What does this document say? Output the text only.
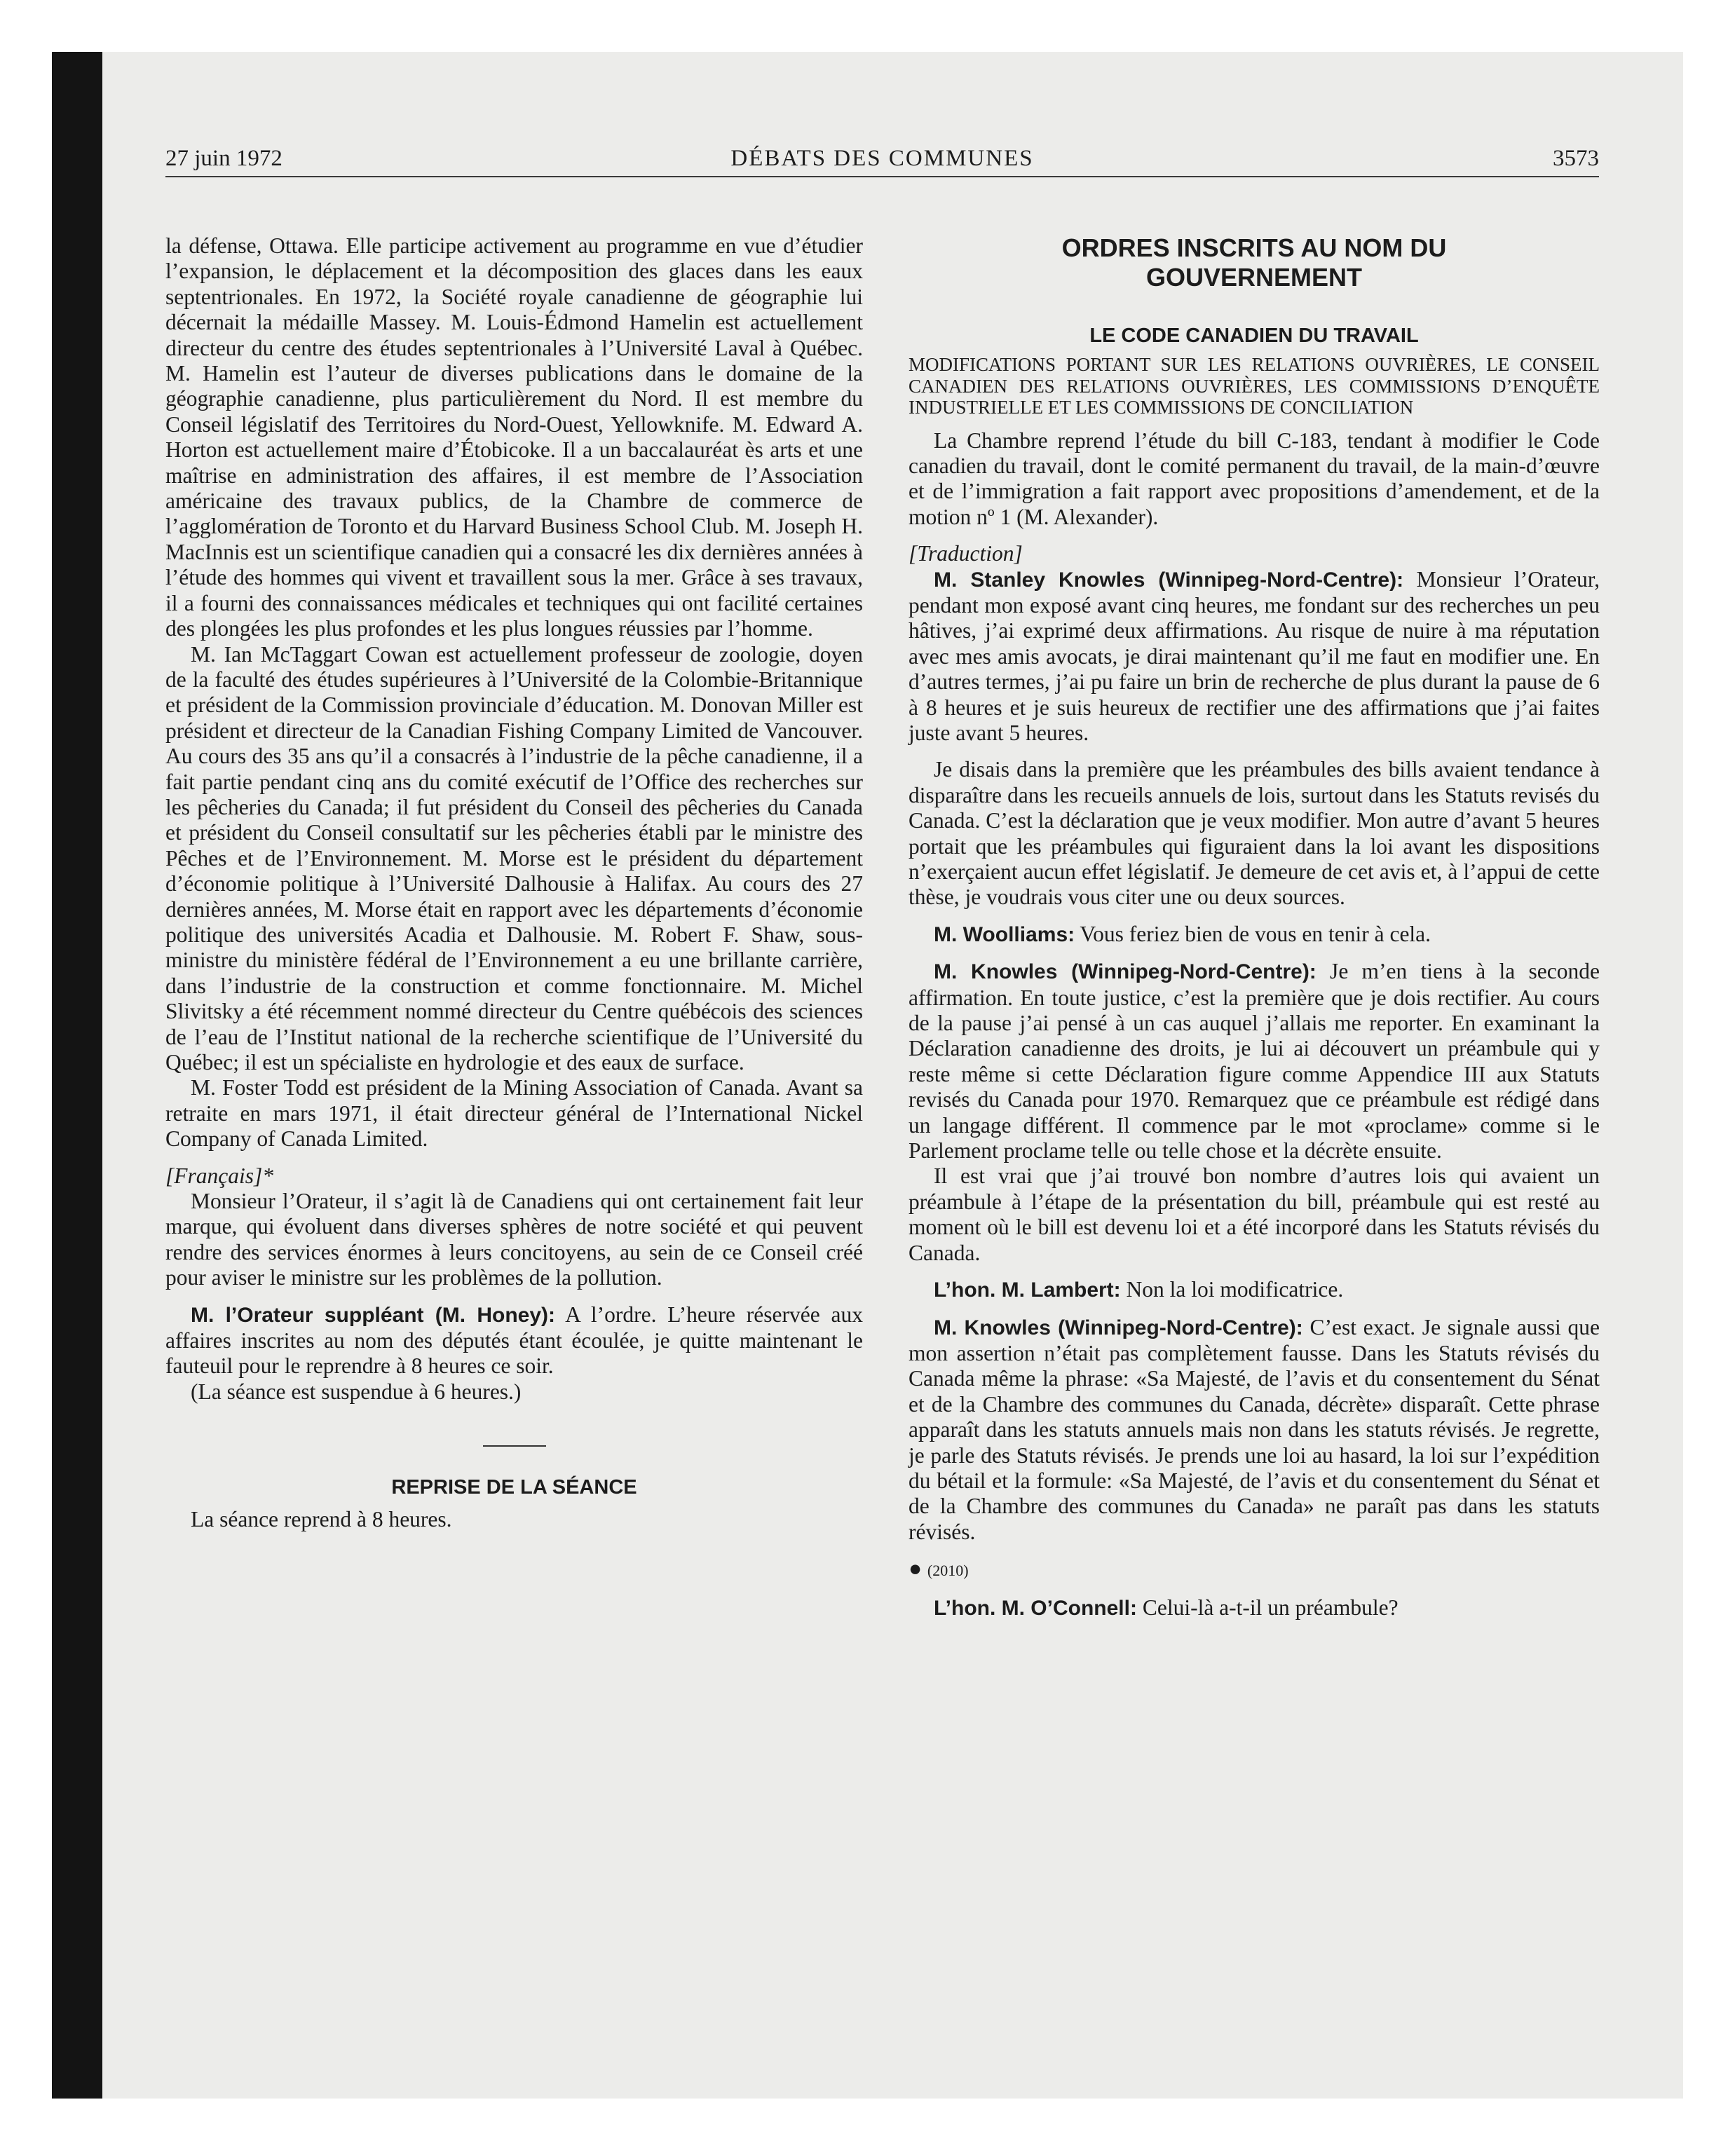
27 juin 1972	DÉBATS DES COMMUNES	3573

la défense, Ottawa. Elle participe activement au programme en vue d’étudier l’expansion, le déplacement et la décomposition des glaces dans les eaux septentrionales. En 1972, la Société royale canadienne de géographie lui décernait la médaille Massey. M. Louis-Édmond Hamelin est actuellement directeur du centre des études septentrionales à l’Université Laval à Québec. M. Hamelin est l’auteur de diverses publications dans le domaine de la géographie canadienne, plus particulièrement du Nord. Il est membre du Conseil législatif des Territoires du Nord-Ouest, Yellowknife. M. Edward A. Horton est actuellement maire d’Étobicoke. Il a un baccalauréat ès arts et une maîtrise en administration des affaires, il est membre de l’Association américaine des travaux publics, de la Chambre de commerce de l’agglomération de Toronto et du Harvard Business School Club. M. Joseph H. MacInnis est un scientifique canadien qui a consacré les dix dernières années à l’étude des hommes qui vivent et travaillent sous la mer. Grâce à ses travaux, il a fourni des connaissances médicales et techniques qui ont facilité certaines des plongées les plus profondes et les plus longues réussies par l’homme.

M. Ian McTaggart Cowan est actuellement professeur de zoologie, doyen de la faculté des études supérieures à l’Université de la Colombie-Britannique et président de la Commission provinciale d’éducation. M. Donovan Miller est président et directeur de la Canadian Fishing Company Limited de Vancouver. Au cours des 35 ans qu’il a consacrés à l’industrie de la pêche canadienne, il a fait partie pendant cinq ans du comité exécutif de l’Office des recherches sur les pêcheries du Canada; il fut président du Conseil des pêcheries du Canada et président du Conseil consultatif sur les pêcheries établi par le ministre des Pêches et de l’Environnement. M. Morse est le président du département d’économie politique à l’Université Dalhousie à Halifax. Au cours des 27 dernières années, M. Morse était en rapport avec les départements d’économie politique des universités Acadia et Dalhousie. M. Robert F. Shaw, sous-ministre du ministère fédéral de l’Environnement a eu une brillante carrière, dans l’industrie de la construction et comme fonctionnaire. M. Michel Slivitsky a été récemment nommé directeur du Centre québécois des sciences de l’eau de l’Institut national de la recherche scientifique de l’Université du Québec; il est un spécialiste en hydrologie et des eaux de surface.

M. Foster Todd est président de la Mining Association of Canada. Avant sa retraite en mars 1971, il était directeur général de l’International Nickel Company of Canada Limited.

[Français]*

Monsieur l’Orateur, il s’agit là de Canadiens qui ont certainement fait leur marque, qui évoluent dans diverses sphères de notre société et qui peuvent rendre des services énormes à leurs concitoyens, au sein de ce Conseil créé pour aviser le ministre sur les problèmes de la pollution.

M. l’Orateur suppléant (M. Honey): A l’ordre. L’heure réservée aux affaires inscrites au nom des députés étant écoulée, je quitte maintenant le fauteuil pour le reprendre à 8 heures ce soir.

(La séance est suspendue à 6 heures.)

REPRISE DE LA SÉANCE

La séance reprend à 8 heures.

ORDRES INSCRITS AU NOM DU

GOUVERNEMENT

LE CODE CANADIEN DU TRAVAIL

MODIFICATIONS PORTANT SUR LES RELATIONS OUVRIÈRES, LE CONSEIL CANADIEN DES RELATIONS OUVRIÈRES, LES COMMISSIONS D’ENQUÊTE INDUSTRIELLE ET LES COMMISSIONS DE CONCILIATION

La Chambre reprend l’étude du bill C-183, tendant à modifier le Code canadien du travail, dont le comité permanent du travail, de la main-d’œuvre et de l’immigration a fait rapport avec propositions d’amendement, et de la motion nº 1 (M. Alexander).

[Traduction]

M. Stanley Knowles (Winnipeg-Nord-Centre): Monsieur l’Orateur, pendant mon exposé avant cinq heures, me fondant sur des recherches un peu hâtives, j’ai exprimé deux affirmations. Au risque de nuire à ma réputation avec mes amis avocats, je dirai maintenant qu’il me faut en modifier une. En d’autres termes, j’ai pu faire un brin de recherche de plus durant la pause de 6 à 8 heures et je suis heureux de rectifier une des affirmations que j’ai faites juste avant 5 heures.

Je disais dans la première que les préambules des bills avaient tendance à disparaître dans les recueils annuels de lois, surtout dans les Statuts revisés du Canada. C’est la déclaration que je veux modifier. Mon autre d’avant 5 heures portait que les préambules qui figuraient dans la loi avant les dispositions n’exerçaient aucun effet législatif. Je demeure de cet avis et, à l’appui de cette thèse, je voudrais vous citer une ou deux sources.

M. Woolliams: Vous feriez bien de vous en tenir à cela.

M. Knowles (Winnipeg-Nord-Centre): Je m’en tiens à la seconde affirmation. En toute justice, c’est la première que je dois rectifier. Au cours de la pause j’ai pensé à un cas auquel j’allais me reporter. En examinant la Déclaration canadienne des droits, je lui ai découvert un préambule qui y reste même si cette Déclaration figure comme Appendice III aux Statuts revisés du Canada pour 1970. Remarquez que ce préambule est rédigé dans un langage différent. Il commence par le mot «proclame» comme si le Parlement proclame telle ou telle chose et la décrète ensuite.

Il est vrai que j’ai trouvé bon nombre d’autres lois qui avaient un préambule à l’étape de la présentation du bill, préambule qui est resté au moment où le bill est devenu loi et a été incorporé dans les Statuts révisés du Canada.

L’hon. M. Lambert: Non la loi modificatrice.

M. Knowles (Winnipeg-Nord-Centre): C’est exact. Je signale aussi que mon assertion n’était pas complètement fausse. Dans les Statuts révisés du Canada même la phrase: «Sa Majesté, de l’avis et du consentement du Sénat et de la Chambre des communes du Canada, décrète» disparaît. Cette phrase apparaît dans les statuts annuels mais non dans les statuts révisés. Je regrette, je parle des Statuts révisés. Je prends une loi au hasard, la loi sur l’expédition du bétail et la formule: «Sa Majesté, de l’avis et du consentement du Sénat et de la Chambre des communes du Canada» ne paraît pas dans les statuts révisés.

● (2010)

L’hon. M. O’Connell: Celui-là a-t-il un préambule?
